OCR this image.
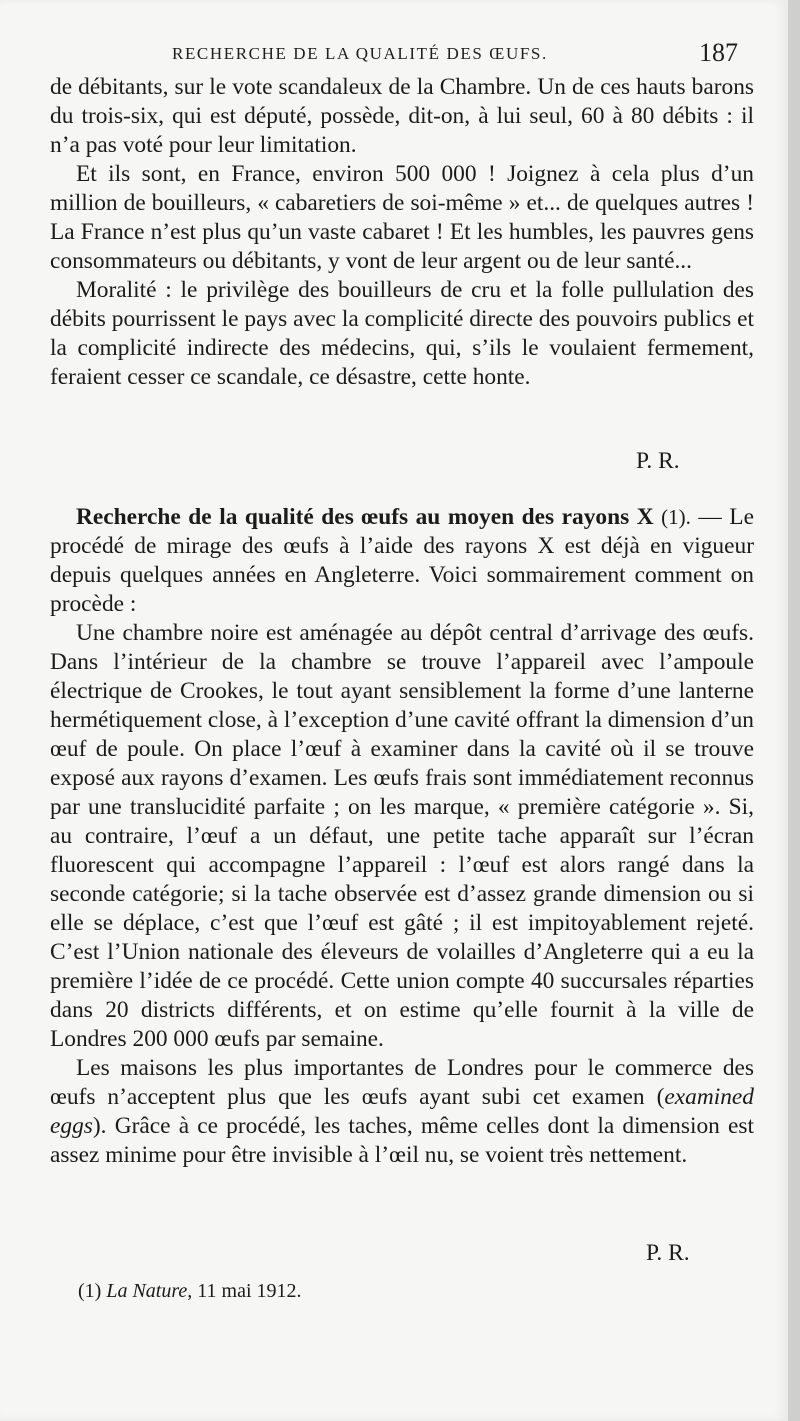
RECHERCHE DE LA QUALITÉ DES ŒUFS.	187

de débitants, sur le vote scandaleux de la Chambre. Un de ces hauts barons du trois-six, qui est député, possède, dit-on, à lui seul, 60 à 80 débits : il n’a pas voté pour leur limitation.

Et ils sont, en France, environ 500 000 ! Joignez à cela plus d’un million de bouilleurs, « cabaretiers de soi-même » et... de quelques autres ! La France n’est plus qu’un vaste cabaret ! Et les humbles, les pauvres gens consommateurs ou débitants, y vont de leur argent ou de leur santé...

Moralité : le privilège des bouilleurs de cru et la folle pullulation des débits pourrissent le pays avec la complicité directe des pouvoirs publics et la complicité indirecte des médecins, qui, s’ils le voulaient fermement, feraient cesser ce scandale, ce désastre, cette honte.

P. R.

Recherche de la qualité des œufs au moyen des rayons X (1). — Le procédé de mirage des œufs à l’aide des rayons X est déjà en vigueur depuis quelques années en Angleterre. Voici sommairement comment on procède :

Une chambre noire est aménagée au dépôt central d’arrivage des œufs. Dans l’intérieur de la chambre se trouve l’appareil avec l’ampoule électrique de Crookes, le tout ayant sensiblement la forme d’une lanterne hermétiquement close, à l’exception d’une cavité offrant la dimension d’un œuf de poule. On place l’œuf à examiner dans la cavité où il se trouve exposé aux rayons d’examen. Les œufs frais sont immédiatement reconnus par une translucidité parfaite ; on les marque, « première catégorie ». Si, au contraire, l’œuf a un défaut, une petite tache apparaît sur l’écran fluorescent qui accompagne l’appareil : l’œuf est alors rangé dans la seconde catégorie; si la tache observée est d’assez grande dimension ou si elle se déplace, c’est que l’œuf est gâté ; il est impitoyablement rejeté. C’est l’Union nationale des éleveurs de volailles d’Angleterre qui a eu la première l’idée de ce procédé. Cette union compte 40 succursales réparties dans 20 districts différents, et on estime qu’elle fournit à la ville de Londres 200 000 œufs par semaine.

Les maisons les plus importantes de Londres pour le commerce des œufs n’acceptent plus que les œufs ayant subi cet examen (examined eggs). Grâce à ce procédé, les taches, même celles dont la dimension est assez minime pour être invisible à l’œil nu, se voient très nettement.

P. R.
(1) La Nature, 11 mai 1912.
